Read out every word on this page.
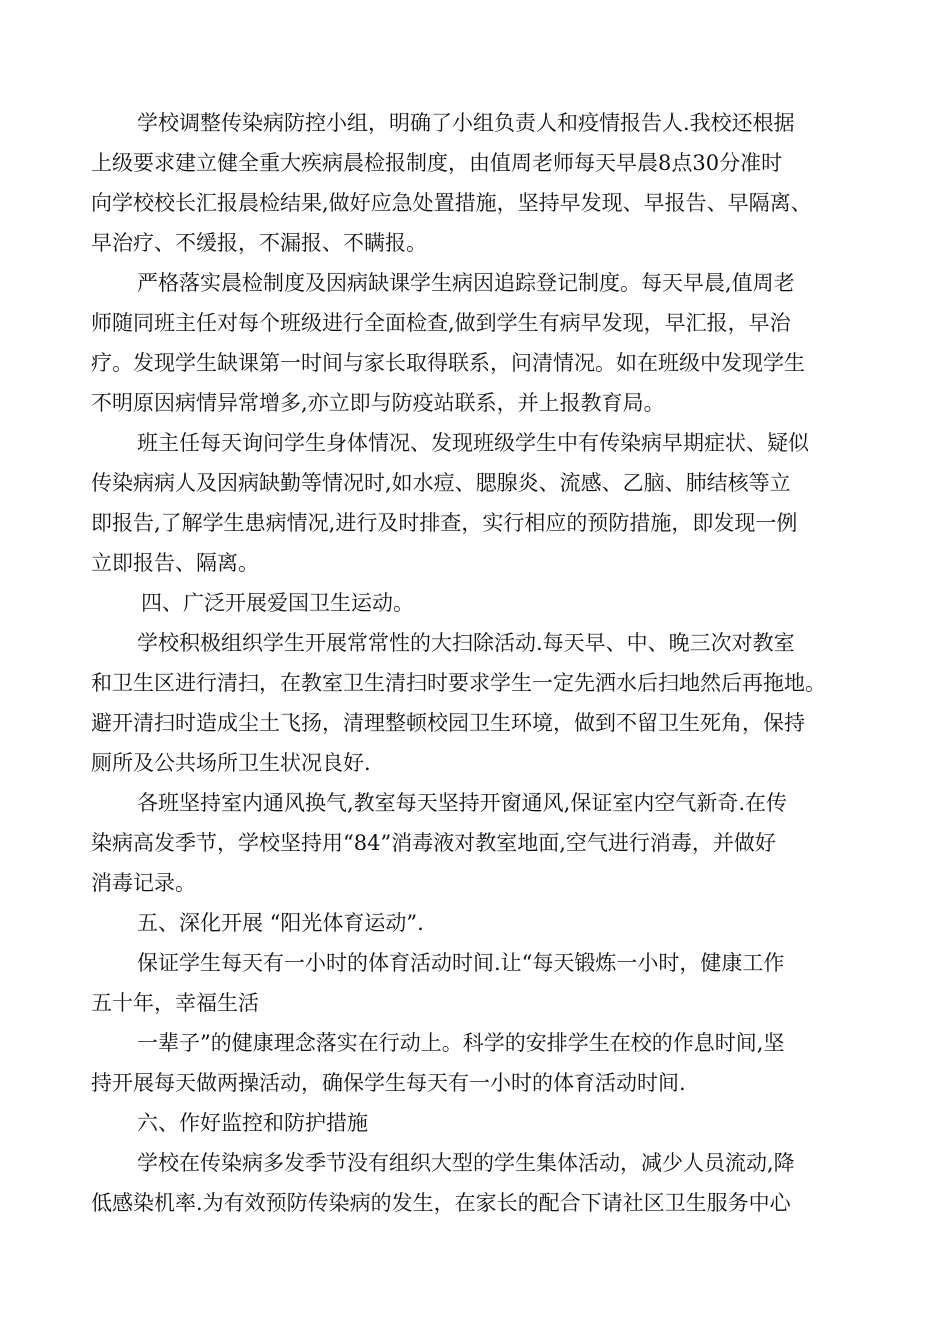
学校调整传染病防控小组，明确了小组负责人和疫情报告人.我校还根据
上级要求建立健全重大疾病晨检报制度，由值周老师每天早晨8点30分准时
向学校校长汇报晨检结果,做好应急处置措施，坚持早发现、早报告、早隔离、
早治疗、不缓报，不漏报、不瞒报。
严格落实晨检制度及因病缺课学生病因追踪登记制度。每天早晨,值周老
师随同班主任对每个班级进行全面检查,做到学生有病早发现，早汇报，早治
疗。发现学生缺课第一时间与家长取得联系，问清情况。如在班级中发现学生
不明原因病情异常增多,亦立即与防疫站联系，并上报教育局。
班主任每天询问学生身体情况、发现班级学生中有传染病早期症状、疑似
传染病病人及因病缺勤等情况时,如水痘、腮腺炎、流感、乙脑、肺结核等立
即报告,了解学生患病情况,进行及时排查，实行相应的预防措施，即发现一例
立即报告、隔离。
四、广泛开展爱国卫生运动。
学校积极组织学生开展常常性的大扫除活动.每天早、中、晚三次对教室
和卫生区进行清扫，在教室卫生清扫时要求学生一定先洒水后扫地然后再拖地。
避开清扫时造成尘土飞扬，清理整顿校园卫生环境，做到不留卫生死角，保持
厕所及公共场所卫生状况良好.
各班坚持室内通风换气,教室每天坚持开窗通风,保证室内空气新奇.在传
染病高发季节，学校坚持用“84”消毒液对教室地面,空气进行消毒，并做好
消毒记录。
五、深化开展 “阳光体育运动”.
保证学生每天有一小时的体育活动时间.让“每天锻炼一小时，健康工作
五十年，幸福生活
一辈子”的健康理念落实在行动上。科学的安排学生在校的作息时间,坚
持开展每天做两操活动，确保学生每天有一小时的体育活动时间.
六、作好监控和防护措施
学校在传染病多发季节没有组织大型的学生集体活动，减少人员流动,降
低感染机率.为有效预防传染病的发生，在家长的配合下请社区卫生服务中心
